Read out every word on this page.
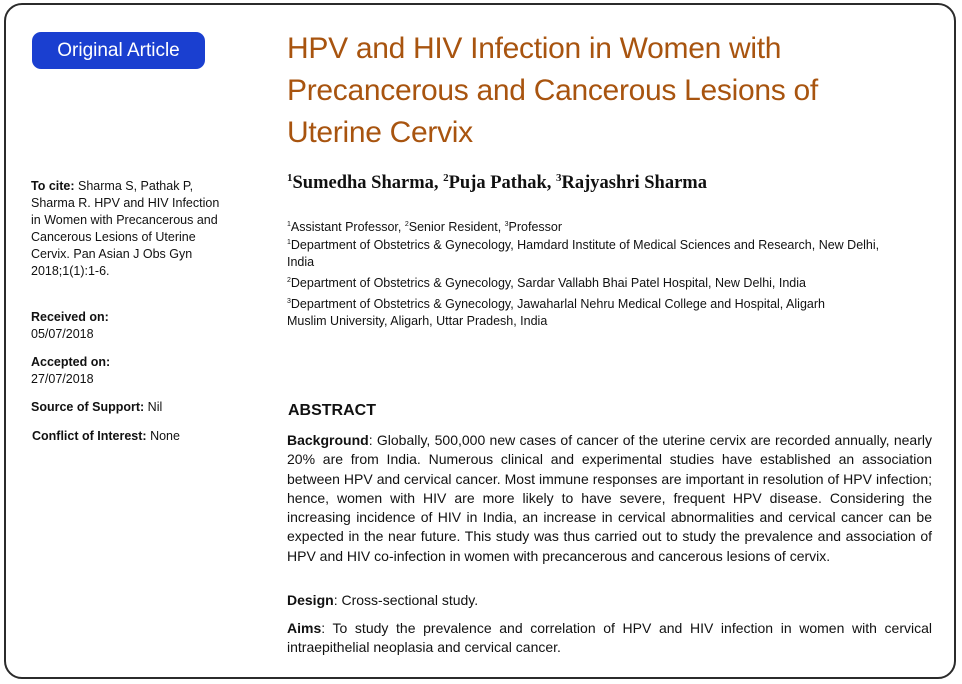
Original Article	HPV and HIV Infection in Women with Precancerous and Cancerous Lesions of Uterine Cervix
$^1$Sumedha Sharma, $^2$Puja Pathak, $^3$Rajyashri Sharma
$^1$Assistant Professor, $^2$Senior Resident, $^3$Professor
$^1$Department of Obstetrics & Gynecology, Hamdard Institute of Medical Sciences and Research, New Delhi, India
$^2$Department of Obstetrics & Gynecology, Sardar Vallabh Bhai Patel Hospital, New Delhi, India
$^3$Department of Obstetrics & Gynecology, Jawaharlal Nehru Medical College and Hospital, Aligarh Muslim University, Aligarh, Uttar Pradesh, India
To cite: Sharma S, Pathak P, Sharma R. HPV and HIV Infection in Women with Precancerous and Cancerous Lesions of Uterine Cervix. Pan Asian J Obs Gyn 2018;1(1):1-6.
Received on:
05/07/2018
Accepted on:
27/07/2018
Source of Support: Nil
Conflict of Interest: None
ABSTRACT

Background: Globally, 500,000 new cases of cancer of the uterine cervix are recorded annually, nearly 20% are from India. Numerous clinical and experimental studies have established an association between HPV and cervical cancer. Most immune responses are important in resolution of HPV infection; hence, women with HIV are more likely to have severe, frequent HPV disease. Considering the increasing incidence of HIV in India, an increase in cervical abnormalities and cervical cancer can be expected in the near future. This study was thus carried out to study the prevalence and association of HPV and HIV co-infection in women with precancerous and cancerous lesions of cervix.

Design: Cross-sectional study.

Aims: To study the prevalence and correlation of HPV and HIV infection in women with cervical intraepithelial neoplasia and cervical cancer.
